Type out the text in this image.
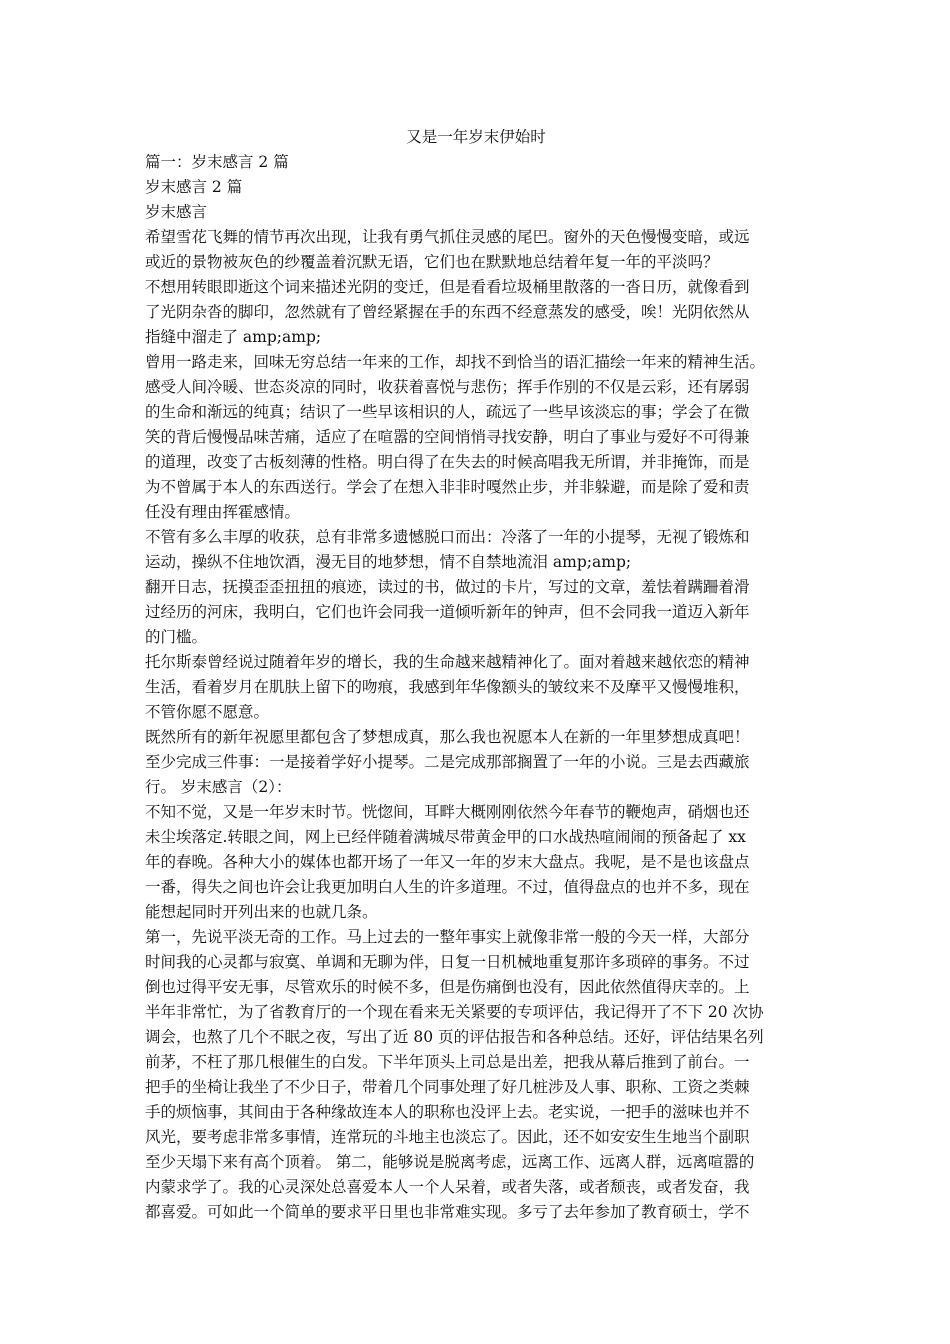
又是一年岁末伊始时

篇一：岁末感言 2 篇

岁末感言 2 篇

岁末感言

希望雪花飞舞的情节再次出现，让我有勇气抓住灵感的尾巴。窗外的天色慢慢变暗，或远
或近的景物被灰色的纱覆盖着沉默无语，它们也在默默地总结着年复一年的平淡吗？

不想用转眼即逝这个词来描述光阴的变迁，但是看看垃圾桶里散落的一沓日历，就像看到
了光阴杂沓的脚印，忽然就有了曾经紧握在手的东西不经意蒸发的感受，唉！光阴依然从
指缝中溜走了 amp;amp;

曾用一路走来，回味无穷总结一年来的工作，却找不到恰当的语汇描绘一年来的精神生活。
感受人间冷暖、世态炎凉的同时，收获着喜悦与悲伤；挥手作别的不仅是云彩，还有孱弱
的生命和渐远的纯真；结识了一些早该相识的人，疏远了一些早该淡忘的事；学会了在微
笑的背后慢慢品味苦痛，适应了在喧嚣的空间悄悄寻找安静，明白了事业与爱好不可得兼
的道理，改变了古板刻薄的性格。明白得了在失去的时候高唱我无所谓，并非掩饰，而是
为不曾属于本人的东西送行。学会了在想入非非时嘎然止步，并非躲避，而是除了爱和责
任没有理由挥霍感情。

不管有多么丰厚的收获，总有非常多遗憾脱口而出：冷落了一年的小提琴，无视了锻炼和
运动，操纵不住地饮酒，漫无目的地梦想，情不自禁地流泪 amp;amp;

翻开日志，抚摸歪歪扭扭的痕迹，读过的书，做过的卡片，写过的文章，羞怯着蹒跚着滑
过经历的河床，我明白，它们也许会同我一道倾听新年的钟声，但不会同我一道迈入新年
的门槛。

托尔斯泰曾经说过随着年岁的增长，我的生命越来越精神化了。面对着越来越依恋的精神
生活，看着岁月在肌肤上留下的吻痕，我感到年华像额头的皱纹来不及摩平又慢慢堆积，
不管你愿不愿意。

既然所有的新年祝愿里都包含了梦想成真，那么我也祝愿本人在新的一年里梦想成真吧！
至少完成三件事：一是接着学好小提琴。二是完成那部搁置了一年的小说。三是去西藏旅
行。 岁末感言（2）：

不知不觉，又是一年岁末时节。恍惚间，耳畔大概刚刚依然今年春节的鞭炮声，硝烟也还
未尘埃落定.转眼之间，网上已经伴随着满城尽带黄金甲的口水战热喧闹闹的预备起了 xx
年的春晚。各种大小的媒体也都开场了一年又一年的岁末大盘点。我呢，是不是也该盘点
一番，得失之间也许会让我更加明白人生的许多道理。不过，值得盘点的也并不多，现在
能想起同时开列出来的也就几条。

第一，先说平淡无奇的工作。马上过去的一整年事实上就像非常一般的今天一样，大部分
时间我的心灵都与寂寞、单调和无聊为伴，日复一日机械地重复那许多琐碎的事务。不过
倒也过得平安无事，尽管欢乐的时候不多，但是伤痛倒也没有，因此依然值得庆幸的。上
半年非常忙，为了省教育厅的一个现在看来无关紧要的专项评估，我记得开了不下 20 次协
调会，也熬了几个不眠之夜，写出了近 80 页的评估报告和各种总结。还好，评估结果名列
前茅，不枉了那几根催生的白发。下半年顶头上司总是出差，把我从幕后推到了前台。一
把手的坐椅让我坐了不少日子，带着几个同事处理了好几桩涉及人事、职称、工资之类棘
手的烦恼事，其间由于各种缘故连本人的职称也没评上去。老实说，一把手的滋味也并不
风光，要考虑非常多事情，连常玩的斗地主也淡忘了。因此，还不如安安生生地当个副职
至少天塌下来有高个顶着。 第二，能够说是脱离考虑，远离工作、远离人群，远离喧嚣的
内蒙求学了。我的心灵深处总喜爱本人一个人呆着，或者失落，或者颓丧，或者发奋，我
都喜爱。可如此一个简单的要求平日里也非常难实现。多亏了去年参加了教育硕士，学不
